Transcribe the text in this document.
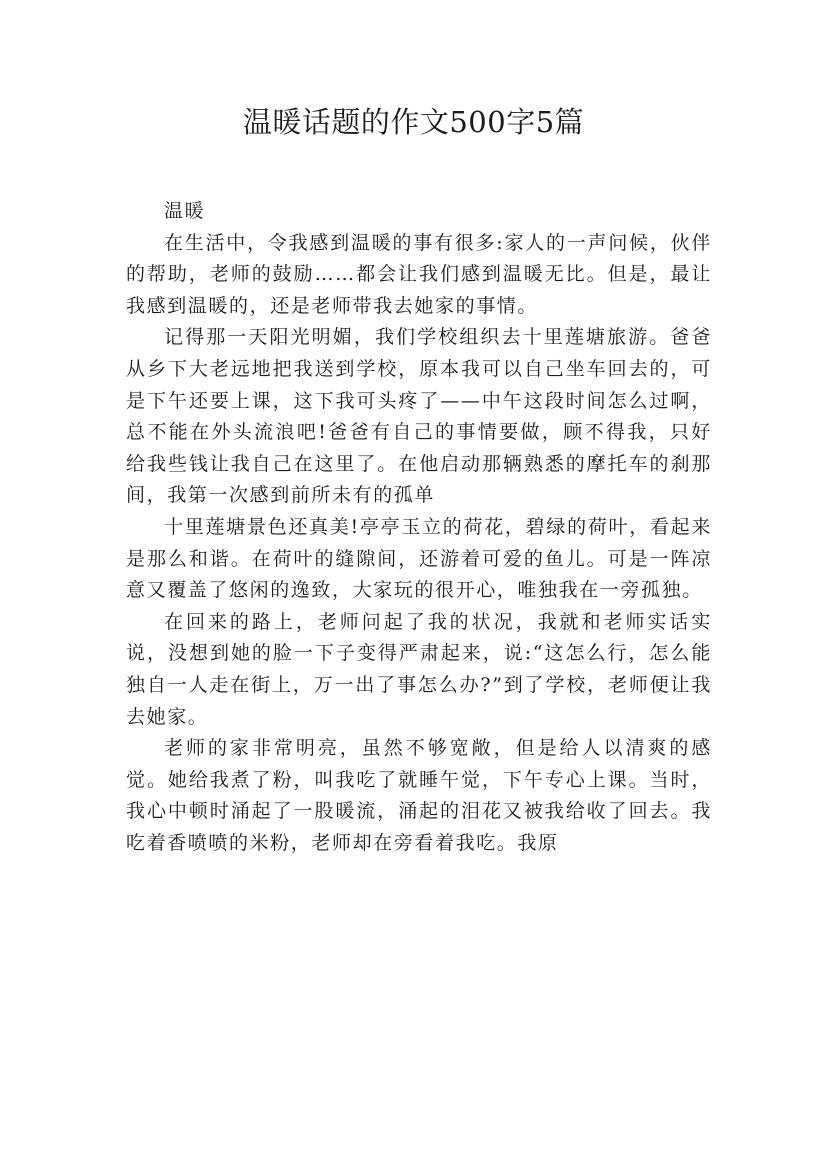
温暖话题的作文500字5篇

温暖

在生活中，令我感到温暖的事有很多:家人的一声问候，伙伴的帮助，老师的鼓励……都会让我们感到温暖无比。但是，最让我感到温暖的，还是老师带我去她家的事情。

记得那一天阳光明媚，我们学校组织去十里莲塘旅游。爸爸从乡下大老远地把我送到学校，原本我可以自己坐车回去的，可是下午还要上课，这下我可头疼了——中午这段时间怎么过啊，总不能在外头流浪吧!爸爸有自己的事情要做，顾不得我，只好给我些钱让我自己在这里了。在他启动那辆熟悉的摩托车的刹那间，我第一次感到前所未有的孤单

十里莲塘景色还真美!亭亭玉立的荷花，碧绿的荷叶，看起来是那么和谐。在荷叶的缝隙间，还游着可爱的鱼儿。可是一阵凉意又覆盖了悠闲的逸致，大家玩的很开心，唯独我在一旁孤独。

在回来的路上，老师问起了我的状况，我就和老师实话实说，没想到她的脸一下子变得严肃起来，说:“这怎么行，怎么能独自一人走在街上，万一出了事怎么办?”到了学校，老师便让我去她家。

老师的家非常明亮，虽然不够宽敞，但是给人以清爽的感觉。她给我煮了粉，叫我吃了就睡午觉，下午专心上课。当时，我心中顿时涌起了一股暖流，涌起的泪花又被我给收了回去。我吃着香喷喷的米粉，老师却在旁看着我吃。我原
